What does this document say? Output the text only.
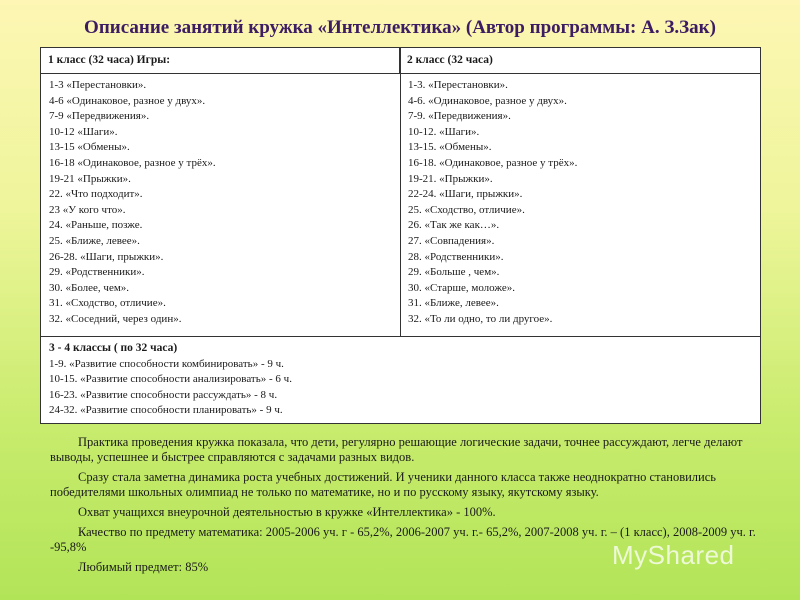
Описание занятий кружка «Интеллектика» (Автор программы: А. З.Зак)
1 класс (32 часа) Игры:	2 класс (32 часа)
1-3 «Перестановки».
4-6 «Одинаковое, разное у двух».
7-9 «Передвижения».
10-12 «Шаги».
13-15 «Обмены».
16-18 «Одинаковое, разное у трёх».
19-21 «Прыжки».
22. «Что подходит».
23 «У кого что».
24. «Раньше, позже.
25. «Ближе, левее».
26-28. «Шаги, прыжки».
29. «Родственники».
30. «Более, чем».
31. «Сходство, отличие».
32. «Соседний, через один».
1-3. «Перестановки».
4-6. «Одинаковое, разное у двух».
7-9. «Передвижения».
10-12. «Шаги».
13-15. «Обмены».
16-18. «Одинаковое, разное у трёх».
19-21. «Прыжки».
22-24. «Шаги, прыжки».
25. «Сходство, отличие».
26. «Так же как…».
27. «Совпадения».
28. «Родственники».
29. «Больше , чем».
30. «Старше, моложе».
31. «Ближе, левее».
32. «То ли одно, то ли другое».
3 - 4 классы ( по 32 часа)
1-9. «Развитие способности комбинировать» - 9 ч.
10-15. «Развитие способности анализировать» - 6 ч.
16-23. «Развитие способности рассуждать» - 8 ч.
24-32. «Развитие способности планировать» - 9 ч.

Практика проведения кружка показала, что дети, регулярно решающие логические задачи, точнее рассуждают, легче делают выводы, успешнее и быстрее справляются с задачами разных видов.

Сразу стала заметна динамика роста учебных достижений. И ученики данного класса также неоднократно становились победителями школьных олимпиад не только по математике, но и по русскому языку, якутскому языку.

Охват учащихся внеурочной деятельностью в кружке «Интеллектика» - 100%.

Качество по предмету математика: 2005-2006 уч. г - 65,2%, 2006-2007 уч. г.- 65,2%, 2007-2008 уч. г. – (1 класс), 2008-2009 уч. г. -95,8%

Любимый предмет: 85%	MyShared
